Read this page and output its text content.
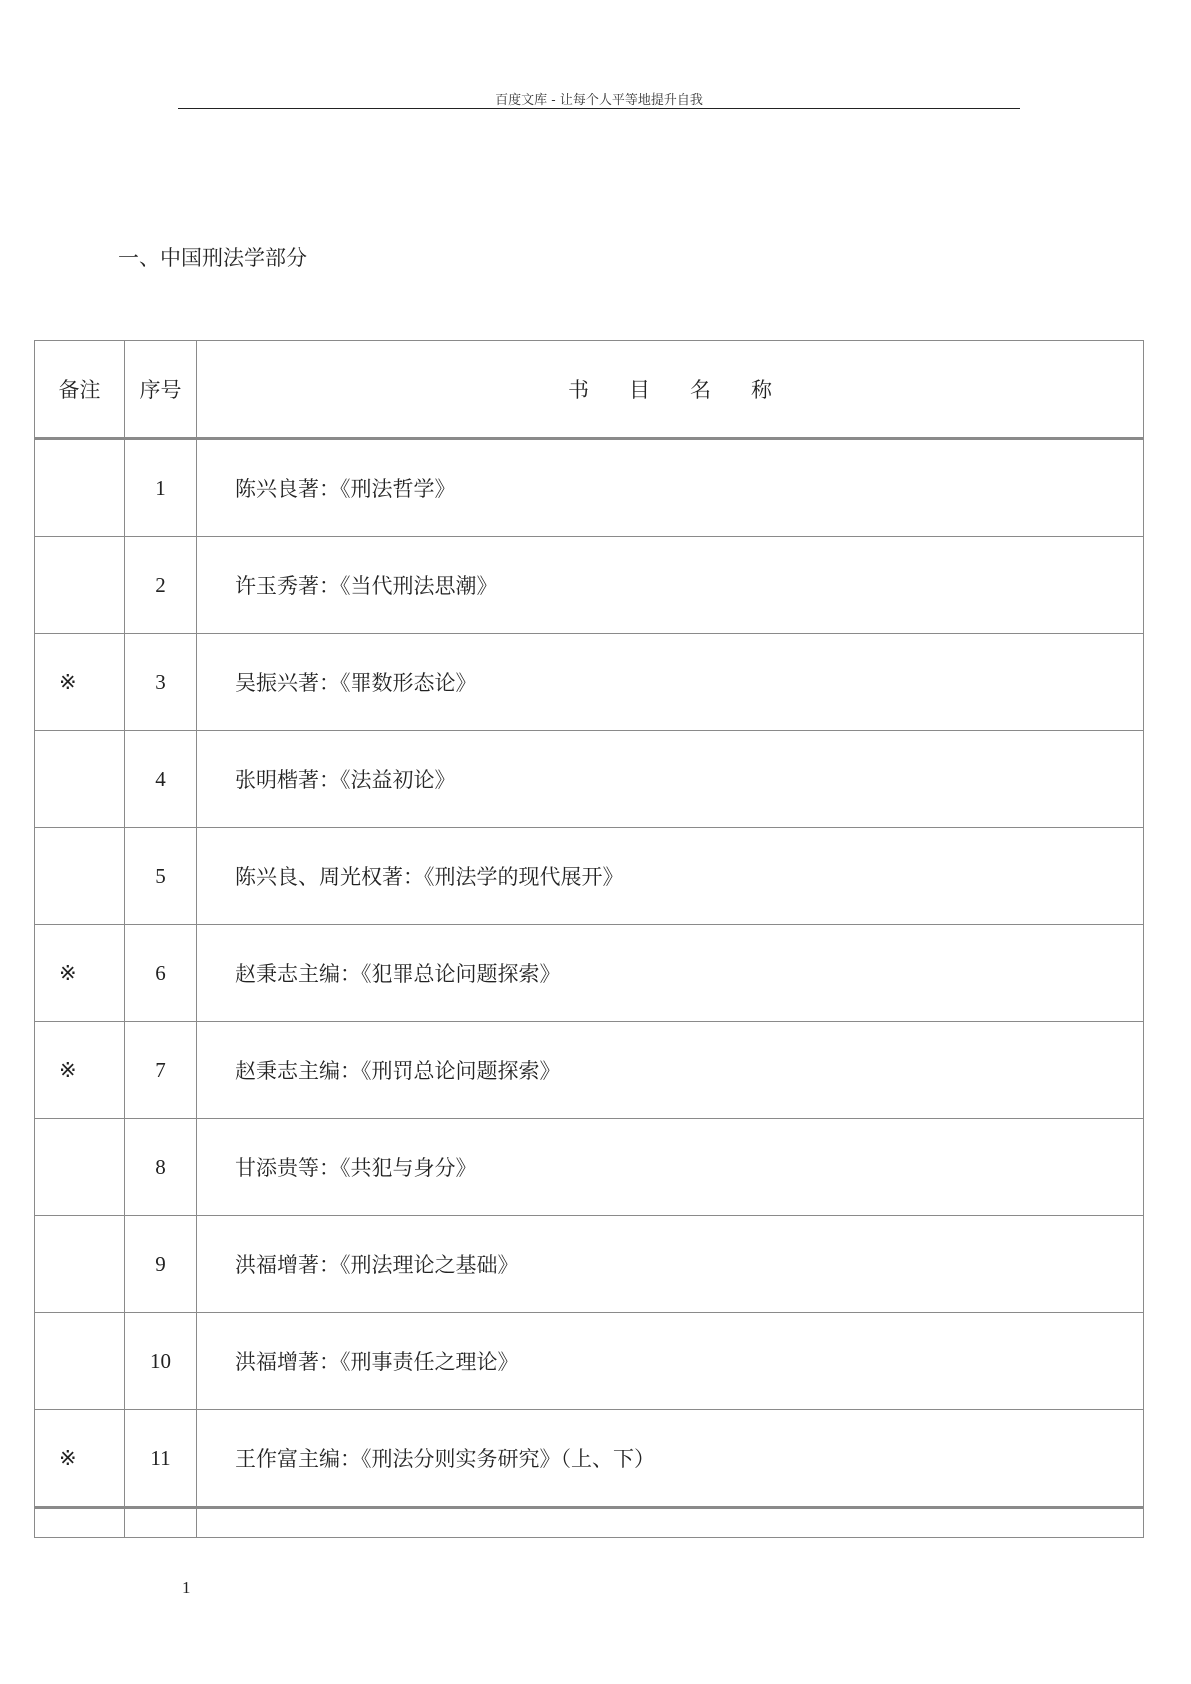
百度文库 - 让每个人平等地提升自我
一、中国刑法学部分
备注	序号	书目名称
	1	陈兴良著：《刑法哲学》
	2	许玉秀著：《当代刑法思潮》
※	3	吴振兴著：《罪数形态论》
	4	张明楷著：《法益初论》
	5	陈兴良、周光权著：《刑法学的现代展开》
※	6	赵秉志主编：《犯罪总论问题探索》
※	7	赵秉志主编：《刑罚总论问题探索》
	8	甘添贵等：《共犯与身分》
	9	洪福增著：《刑法理论之基础》
	10	洪福增著：《刑事责任之理论》
※	11	王作富主编：《刑法分则实务研究》（上、下）

1
